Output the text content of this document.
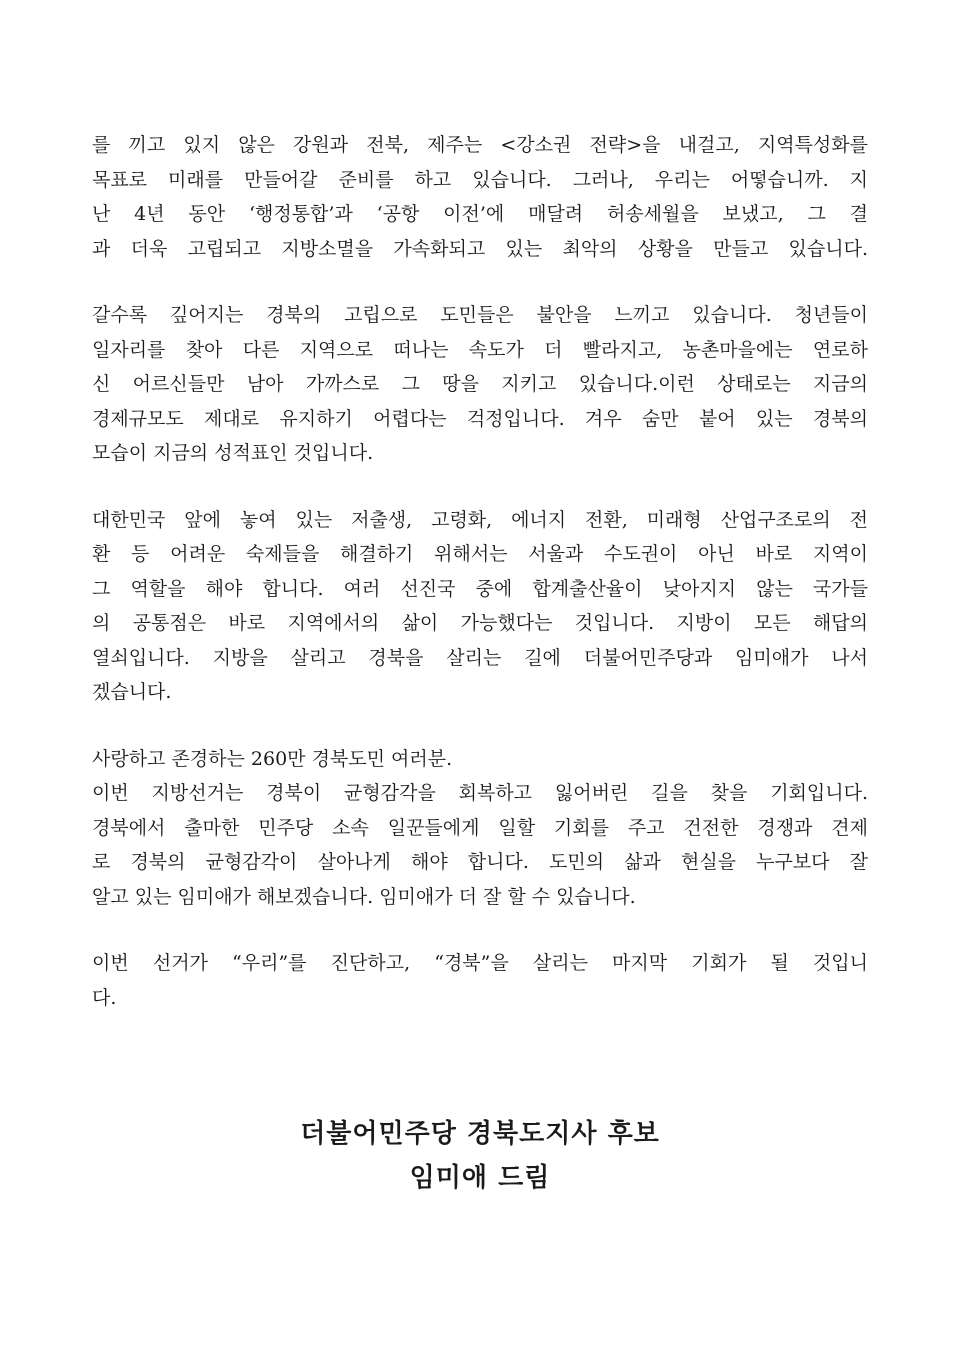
를 끼고 있지 않은 강원과 전북, 제주는 <강소권 전략>을 내걸고, 지역특성화를
목표로 미래를 만들어갈 준비를 하고 있습니다. 그러나, 우리는 어떻습니까. 지
난 4년 동안 ‘행정통합’과 ‘공항 이전’에 매달려 허송세월을 보냈고, 그 결
과 더욱 고립되고 지방소멸을 가속화되고 있는 최악의 상황을 만들고 있습니다.
갈수록 깊어지는 경북의 고립으로 도민들은 불안을 느끼고 있습니다. 청년들이
일자리를 찾아 다른 지역으로 떠나는 속도가 더 빨라지고, 농촌마을에는 연로하
신 어르신들만 남아 가까스로 그 땅을 지키고 있습니다.이런 상태로는 지금의
경제규모도 제대로 유지하기 어렵다는 걱정입니다. 겨우 숨만 붙어 있는 경북의
모습이 지금의 성적표인 것입니다.
대한민국 앞에 놓여 있는 저출생, 고령화, 에너지 전환, 미래형 산업구조로의 전
환 등 어려운 숙제들을 해결하기 위해서는 서울과 수도권이 아닌 바로 지역이
그 역할을 해야 합니다. 여러 선진국 중에 합계출산율이 낮아지지 않는 국가들
의 공통점은 바로 지역에서의 삶이 가능했다는 것입니다. 지방이 모든 해답의
열쇠입니다. 지방을 살리고 경북을 살리는 길에 더불어민주당과 임미애가 나서
겠습니다.
사랑하고 존경하는 260만 경북도민 여러분.
이번 지방선거는 경북이 균형감각을 회복하고 잃어버린 길을 찾을 기회입니다.
경북에서 출마한 민주당 소속 일꾼들에게 일할 기회를 주고 건전한 경쟁과 견제
로 경북의 균형감각이 살아나게 해야 합니다. 도민의 삶과 현실을 누구보다 잘
알고 있는 임미애가 해보겠습니다. 임미애가 더 잘 할 수 있습니다.
이번 선거가 “우리”를 진단하고, “경북”을 살리는 마지막 기회가 될 것입니
다.
더불어민주당 경북도지사 후보
임미애 드림
